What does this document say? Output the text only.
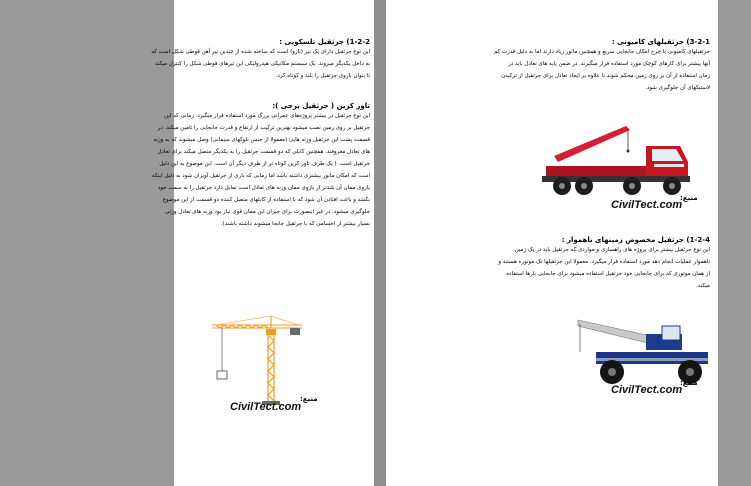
1-2-2) جرثقیل تلسکوپی :
این نوع جرثقیل دارای یک تیر (بازو) است که ساخته شده از چندین تیر آهن قوطی شکل است که
به داخل یکدیگر میروند. یک سیستم مکانیکی هیدرولیکی این تیرهای قوطی شکل را کنترل میکند
تا بتوان بازوی جرثقیل را بلند و کوتاه کرد.
تاور کرین ( جرثقیل برجی ):
این نوع جرثقیل در بیشتر پروژه‌های عمرانی بزرگ مورد استفاده قرار میگیرد. زمانی که این
جرثقیل بر روی زمین نصب میشود بهترین ترکیب از ارتفاع و قدرت جابجایی را تامین میکند. در
قسمت پشت این جرثقیل وزنه هایی (معمولا از جنس بلوکهای سیمانی) وصل میشوند که به وزنه
های تعادل معروفند. همچنین کابلی که دو قسمت جرثقیل را به یکدیگر متصل میکند برای تعادل
جرثقیل است. ( یک طرف تاور کرین کوتاه تر از طرف دیگر آن است. این موضوع به این دلیل
است که امکان مانور بیشتری داشته باشد اما زمانی که باری از جرثقیل آویزان شود به دلیل اینکه
بازوی ممان آن بلندتر از بازوی ممان وزنه های تعادل است تمایل دارد جرثقیل را به سمت خود
بکشد و باعث افتادن آن شود که با استفاده از کابلهای متصل کننده دو قسمت از این موضوع
جلوگیری میشود. در غیر اینصورت برای جبران این ممان قوی نیاز بود وزنه های تعادل وزنی
بسیار بیشتر از اجسامی که با جرثقیل جابجا میشوند داشته باشند).
CivilTect.com
منبع:
3-2-1) جرثقیلهای کامیونی :
جرثقیلهای کامیونی با چرخ امکان جابجایی سریع و همچنین مانور زیاد دارند اما به دلیل قدرت کم
آنها بیشتر برای کارهای کوچک مورد استفاده قرار میگیرند. در ضمن پایه های تعادل باید در
زمان استفاده از آن بر روی زمین محکم شوند تا علاوه بر ایجاد تعادل برای جرثقیل از ترکیدن
لاستیکهای آن جلوگیری شود.
CivilTect.com
منبع:
1-2-4) جرثقیل مخصوص زمینهای ناهموار :
این نوع جرثقیل بیشتر برای پروژه های راهسازی و مواردی که جرثقیل باید در یک زمین
ناهموار عملیات انجام دهد مورد استفاده قرار میگیرد. معمولا این جرثقیلها تک موتوره هستند و
از همان موتوری که برای جابجایی خود جرثقیل استفاده میشود برای جابجایی بارها استفاده
میکند.
CivilTect.com
منبع:
